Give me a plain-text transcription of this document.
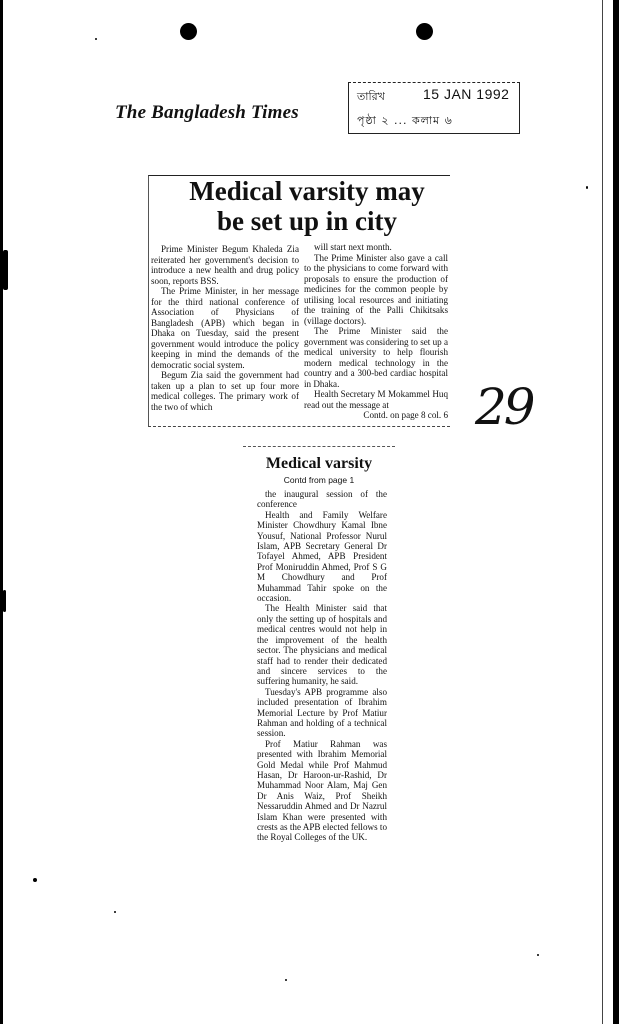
The Bangladesh Times
তারিখ	15 JAN 1992
পৃষ্ঠা ২ ... কলাম ৬
Medical varsity may
be set up in city

Prime Minister Begum Khaleda Zia reiterated her government's decision to introduce a new health and drug policy soon, reports BSS.

The Prime Minister, in her message for the third national conference of Association of Physicians of Bangladesh (APB) which began in Dhaka on Tuesday, said the present government would introduce the policy keeping in mind the demands of the democratic social system.

Begum Zia said the government had taken up a plan to set up four more medical colleges. The primary work of the two of which

will start next month.

The Prime Minister also gave a call to the physicians to come forward with proposals to ensure the production of medicines for the common people by utilising local resources and initiating the training of the Palli Chikitsaks (village doctors).

The Prime Minister said the government was considering to set up a medical university to help flourish modern medical technology in the country and a 300-bed cardiac hospital in Dhaka.

Health Secretary M Mokammel Huq read out the message at

Contd. on page 8 col. 6

Medical varsity
Contd from page 1

the inaugural session of the conference

Health and Family Welfare Minister Chowdhury Kamal Ibne Yousuf, National Professor Nurul Islam, APB Secretary General Dr Tofayel Ahmed, APB President Prof Moniruddin Ahmed, Prof S G M Chowdhury and Prof Muhammad Tahir spoke on the occasion.

The Health Minister said that only the setting up of hospitals and medical centres would not help in the improvement of the health sector. The physicians and medical staff had to render their dedicated and sincere services to the suffering humanity, he said.

Tuesday's APB programme also included presentation of Ibrahim Memorial Lecture by Prof Matiur Rahman and holding of a technical session.

Prof Matiur Rahman was presented with Ibrahim Memorial Gold Medal while Prof Mahmud Hasan, Dr Haroon-ur-Rashid, Dr Muhammad Noor Alam, Maj Gen Dr Anis Waiz, Prof Sheikh Nessaruddin Ahmed and Dr Nazrul Islam Khan were presented with crests as the APB elected fellows to the Royal Colleges of the UK.

29
